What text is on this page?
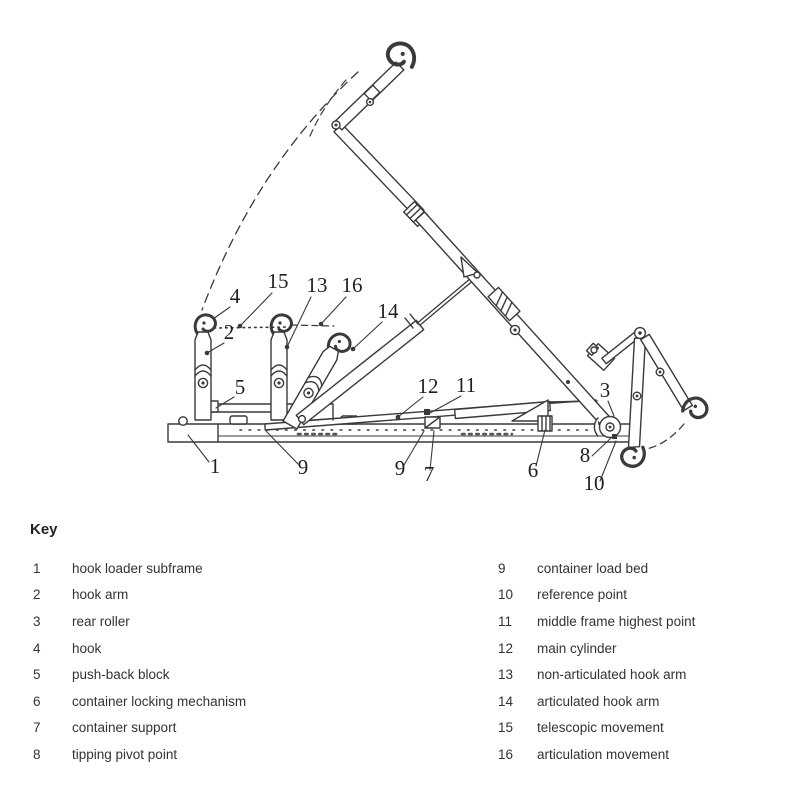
1
2
3
4
5
6
7
8
9	9
10
11
12
13
14
15	16
Key
1	hook loader subframe
2	hook arm
3	rear roller
4	hook
5	push-back block
6	container locking mechanism
7	container support
8	tipping pivot point
9	container load bed
10	reference point
11	middle frame highest point
12	main cylinder
13	non-articulated hook arm
14	articulated hook arm
15	telescopic movement
16	articulation movement
